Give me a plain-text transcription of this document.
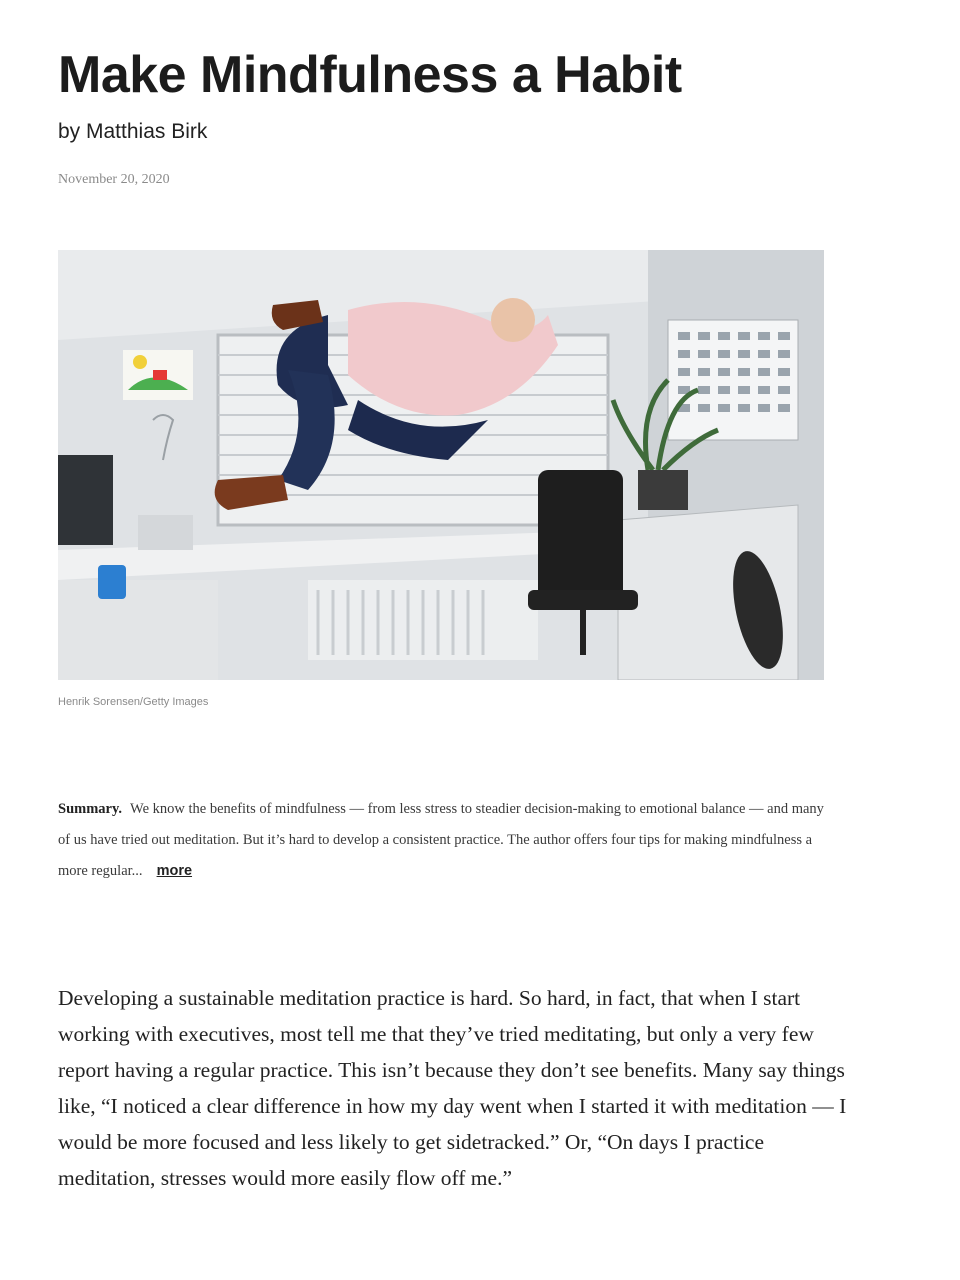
Make Mindfulness a Habit
by Matthias Birk
November 20, 2020
Henrik Sorensen/Getty Images
Summary. We know the benefits of mindfulness — from less stress to steadier decision-making to emotional balance — and many of us have tried out meditation. But it’s hard to develop a consistent practice. The author offers four tips for making mindfulness a more regular... more

Developing a sustainable meditation practice is hard. So hard, in fact, that when I start working with executives, most tell me that they’ve tried meditating, but only a very few report having a regular practice. This isn’t because they don’t see benefits. Many say things like, “I noticed a clear difference in how my day went when I started it with meditation — I would be more focused and less likely to get sidetracked.” Or, “On days I practice meditation, stresses would more easily flow off me.”
